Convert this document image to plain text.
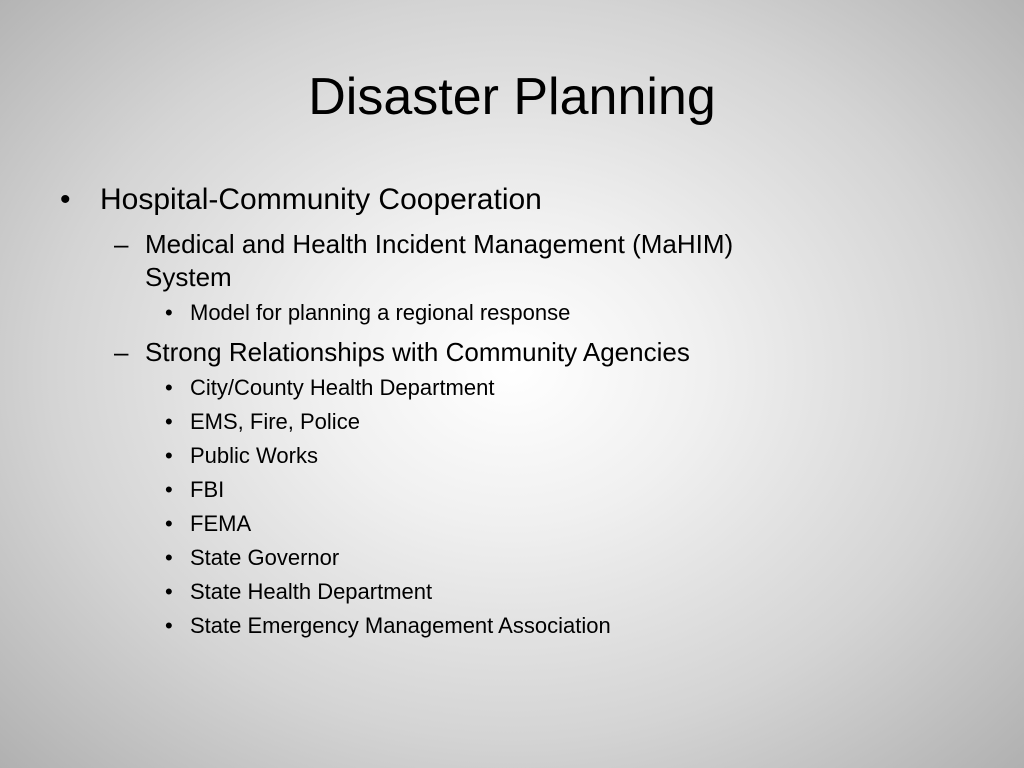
Disaster Planning
• Hospital-Community Cooperation
– Medical and Health Incident Management (MaHIM)
System
• Model for planning a regional response
– Strong Relationships with Community Agencies
• City/County Health Department
• EMS, Fire, Police
• Public Works
• FBI
• FEMA
• State Governor
• State Health Department
• State Emergency Management Association
